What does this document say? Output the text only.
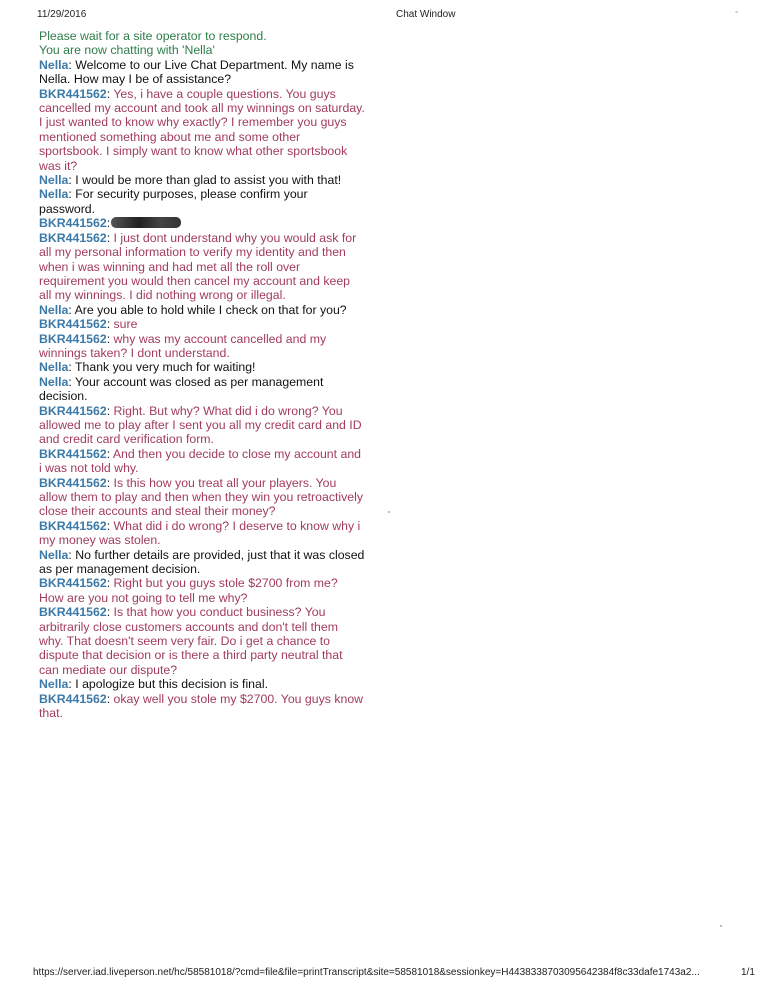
11/29/2016	Chat Window	-
Please wait for a site operator to respond.
You are now chatting with 'Nella'
Nella: Welcome to our Live Chat Department. My name is Nella. How may I be of assistance?
BKR441562: Yes, i have a couple questions. You guys cancelled my account and took all my winnings on saturday. I just wanted to know why exactly? I remember you guys mentioned something about me and some other sportsbook. I simply want to know what other sportsbook was it?
Nella: I would be more than glad to assist you with that!
Nella: For security purposes, please confirm your password.
BKR441562:
BKR441562: I just dont understand why you would ask for all my personal information to verify my identity and then when i was winning and had met all the roll over requirement you would then cancel my account and keep all my winnings. I did nothing wrong or illegal.
Nella: Are you able to hold while I check on that for you?
BKR441562: sure
BKR441562: why was my account cancelled and my winnings taken? I dont understand.
Nella: Thank you very much for waiting!
Nella: Your account was closed as per management decision.
BKR441562: Right. But why? What did i do wrong? You allowed me to play after I sent you all my credit card and ID and credit card verification form.
BKR441562: And then you decide to close my account and i was not told why.
BKR441562: Is this how you treat all your players. You allow them to play and then when they win you retroactively close their accounts and steal their money?
BKR441562: What did i do wrong? I deserve to know why i my money was stolen.
Nella: No further details are provided, just that it was closed as per management decision.
BKR441562: Right but you guys stole $2700 from me? How are you not going to tell me why?
BKR441562: Is that how you conduct business? You arbitrarily close customers accounts and don't tell them why. That doesn't seem very fair. Do i get a chance to dispute that decision or is there a third party neutral that can mediate our dispute?
Nella: I apologize but this decision is final.
BKR441562: okay well you stole my $2700. You guys know that.
https://server.iad.liveperson.net/hc/58581018/?cmd=file&file=printTranscript&site=58581018&sessionkey=H4438338703095642384f8c33dafe1743a2...	1/1
